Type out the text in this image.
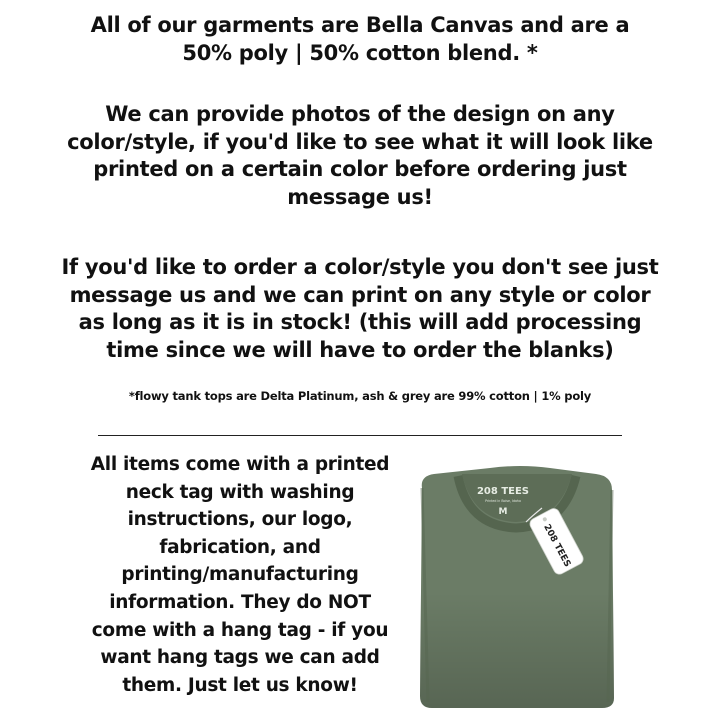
All of our garments are Bella Canvas and are a
50% poly | 50% cotton blend. *
We can provide photos of the design on any
color/style, if you'd like to see what it will look like
printed on a certain color before ordering just
message us!
If you'd like to order a color/style you don't see just
message us and we can print on any style or color
as long as it is in stock! (this will add processing
time since we will have to order the blanks)
*flowy tank tops are Delta Platinum, ash & grey are 99% cotton | 1% poly
All items come with a printed
neck tag with washing
instructions, our logo,
fabrication, and
printing/manufacturing
information. They do NOT
come with a hang tag - if you
want hang tags we can add
them. Just let us know!
208 TEES
Printed in Boise, Idaho
M
208 TEES
